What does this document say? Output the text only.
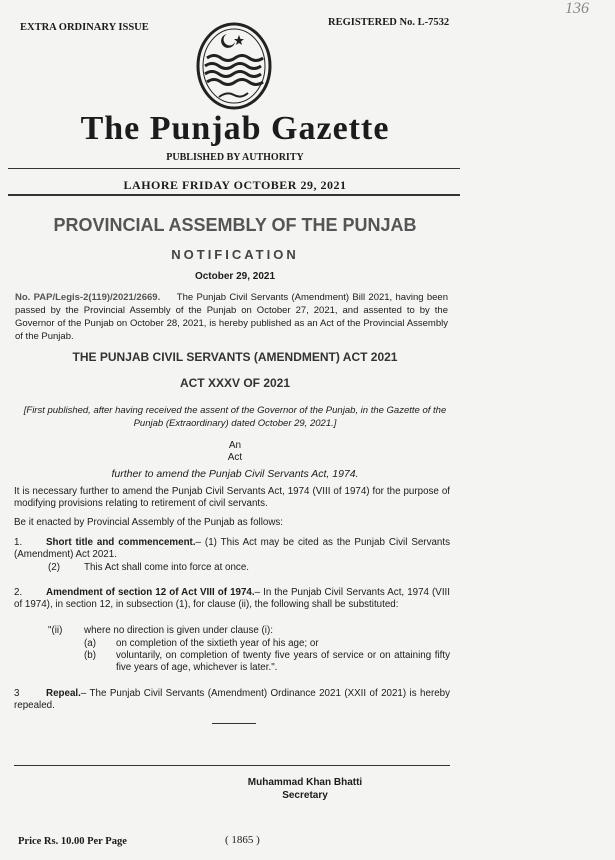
EXTRA ORDINARY ISSUE	REGISTERED No. L-7532
136
The Punjab Gazette
PUBLISHED BY AUTHORITY
LAHORE FRIDAY OCTOBER 29, 2021
PROVINCIAL ASSEMBLY OF THE PUNJAB
NOTIFICATION
October 29, 2021
No. PAP/Legis-2(119)/2021/2669. The Punjab Civil Servants (Amendment) Bill 2021, having been passed by the Provincial Assembly of the Punjab on October 27, 2021, and assented to by the Governor of the Punjab on October 28, 2021, is hereby published as an Act of the Provincial Assembly of the Punjab.
THE PUNJAB CIVIL SERVANTS (AMENDMENT) ACT 2021
ACT XXXV OF 2021
[First published, after having received the assent of the Governor of the Punjab, in the Gazette of the Punjab (Extraordinary) dated October 29, 2021.]
An
Act
further to amend the Punjab Civil Servants Act, 1974.
It is necessary further to amend the Punjab Civil Servants Act, 1974 (VIII of 1974) for the purpose of modifying provisions relating to retirement of civil servants.
Be it enacted by Provincial Assembly of the Punjab as follows:
1. Short title and commencement.– (1) This Act may be cited as the Punjab Civil Servants (Amendment) Act 2021.
(2) This Act shall come into force at once.
2. Amendment of section 12 of Act VIII of 1974.– In the Punjab Civil Servants Act, 1974 (VIII of 1974), in section 12, in subsection (1), for clause (ii), the following shall be substituted:
"(ii) where no direction is given under clause (i):
(a) on completion of the sixtieth year of his age; or
(b)	voluntarily, on completion of twenty five years of service or on attaining fifty five years of age, whichever is later.".
3	Repeal.– The Punjab Civil Servants (Amendment) Ordinance 2021 (XXII of 2021) is hereby repealed.
Muhammad Khan Bhatti
Secretary
Price Rs. 10.00 Per Page	( 1865 )
